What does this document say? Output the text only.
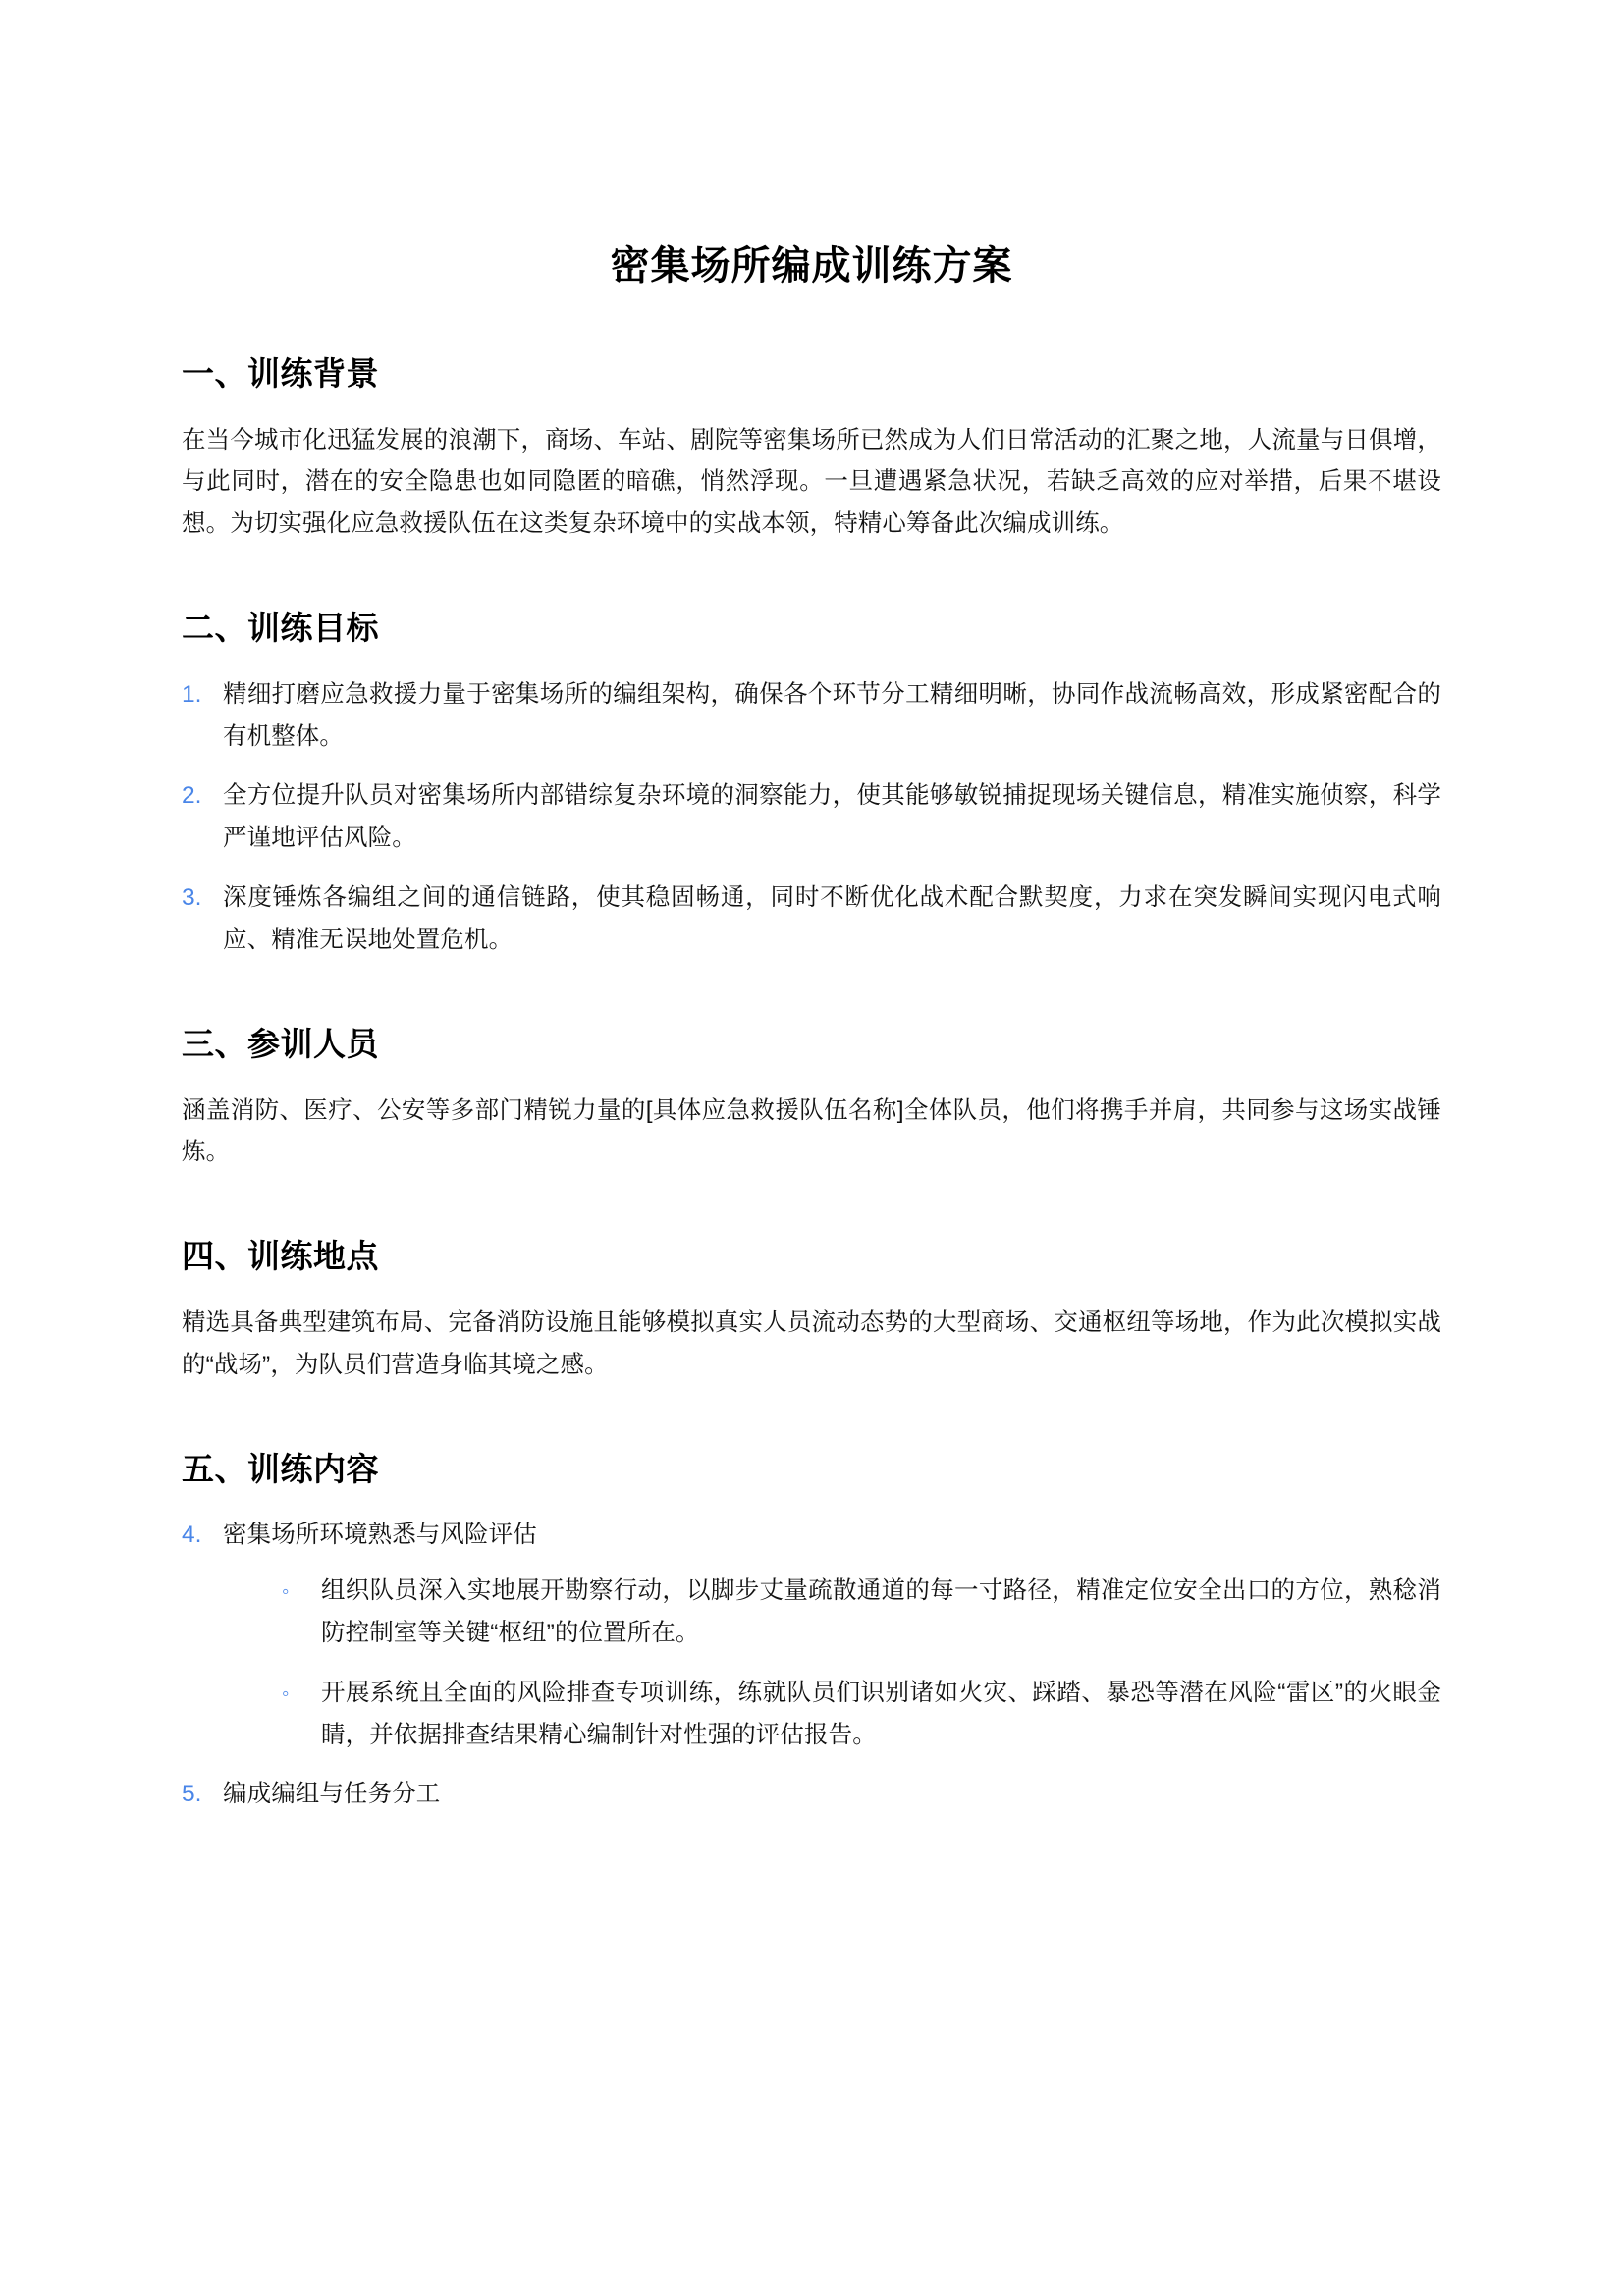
密集场所编成训练方案
一、训练背景

在当今城市化迅猛发展的浪潮下，商场、车站、剧院等密集场所已然成为人们日常活动的汇聚之地，人流量与日俱增，与此同时，潜在的安全隐患也如同隐匿的暗礁，悄然浮现。一旦遭遇紧急状况，若缺乏高效的应对举措，后果不堪设想。为切实强化应急救援队伍在这类复杂环境中的实战本领，特精心筹备此次编成训练。

二、训练目标
1. 精细打磨应急救援力量于密集场所的编组架构，确保各个环节分工精细明晰，协同作战流畅高效，形成紧密配合的有机整体。
2. 全方位提升队员对密集场所内部错综复杂环境的洞察能力，使其能够敏锐捕捉现场关键信息，精准实施侦察，科学严谨地评估风险。
3. 深度锤炼各编组之间的通信链路，使其稳固畅通，同时不断优化战术配合默契度，力求在突发瞬间实现闪电式响应、精准无误地处置危机。
三、参训人员

涵盖消防、医疗、公安等多部门精锐力量的[具体应急救援队伍名称]全体队员，他们将携手并肩，共同参与这场实战锤炼。

四、训练地点

精选具备典型建筑布局、完备消防设施且能够模拟真实人员流动态势的大型商场、交通枢纽等场地，作为此次模拟实战的“战场”，为队员们营造身临其境之感。

五、训练内容
4. 密集场所环境熟悉与风险评估
◦ 组织队员深入实地展开勘察行动，以脚步丈量疏散通道的每一寸路径，精准定位安全出口的方位，熟稔消防控制室等关键“枢纽”的位置所在。
◦ 开展系统且全面的风险排查专项训练，练就队员们识别诸如火灾、踩踏、暴恐等潜在风险“雷区”的火眼金睛，并依据排查结果精心编制针对性强的评估报告。
5. 编成编组与任务分工
